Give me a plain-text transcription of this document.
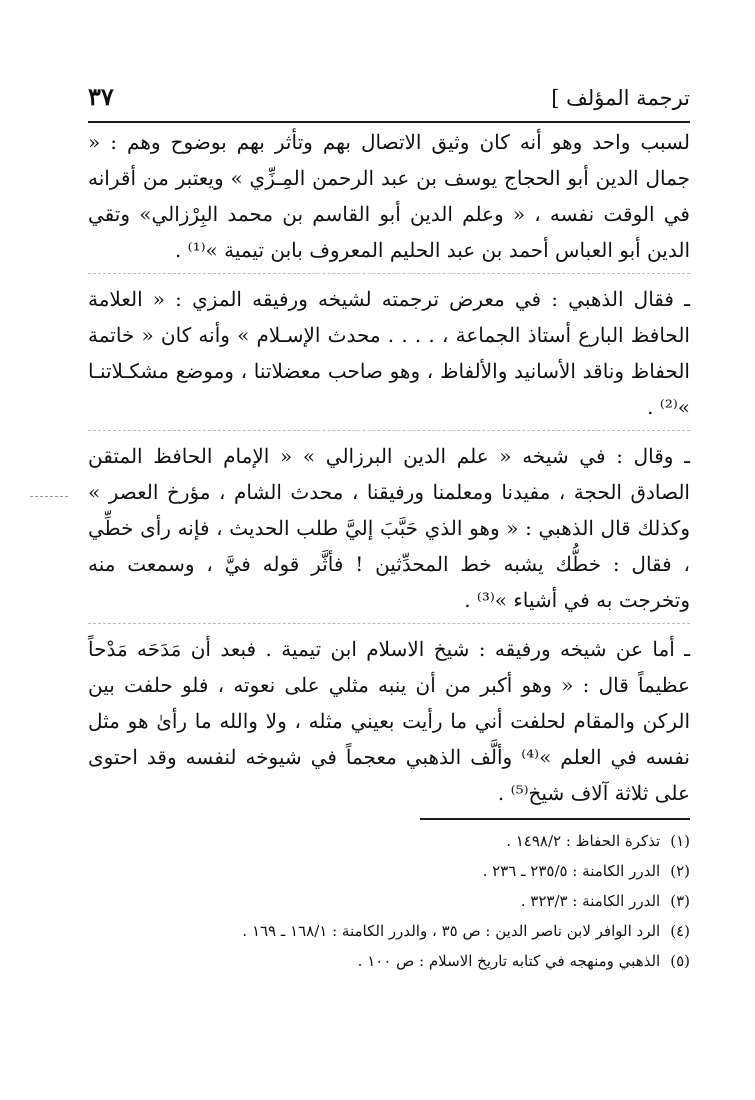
ترجمة المؤلف ]
٣٧

لسبب واحد وهو أنه كان وثيق الاتصال بهم وتأثر بهم بوضوح وهم : « جمال الدين أبو الحجاج يوسف بن عبد الرحمن المِـزِّي » ويعتبر من أقرانه في الوقت نفسه ، « وعلم الدين أبو القاسم بن محمد البِرْزالي» وتقي الدين أبو العباس أحمد بن عبد الحليم المعروف بابن تيمية »⁽¹⁾ .

ـ فقال الذهبي : في معرض ترجمته لشيخه ورفيقه المزي : « العلامة الحافظ البارع أستاذ الجماعة ، . . . . محدث الإسـلام » وأنه كان « خاتمة الحفاظ وناقد الأسانيد والألفاظ ، وهو صاحب معضلاتنا ، وموضع مشكـلاتنـا »⁽²⁾ .

ـ وقال : في شيخه « علم الدين البرزالي » « الإمام الحافظ المتقن الصادق الحجة ، مفيدنا ومعلمنا ورفيقنا ، محدث الشام ، مؤرخ العصر » وكذلك قال الذهبي : « وهو الذي حَبَّبَ إليَّ طلب الحديث ، فإنه رأى خطِّي ، فقال : خطُّك يشبه خط المحدِّثين ! فأثَّر قوله فيَّ ، وسمعت منه وتخرجت به في أشياء »⁽³⁾ .

ـ أما عن شيخه ورفيقه : شيخ الاسلام ابن تيمية . فبعد أن مَدَحَه مَدْحاً عظيماً قال : « وهو أكبر من أن ينبه مثلي على نعوته ، فلو حلفت بين الركن والمقام لحلفت أني ما رأيت بعيني مثله ، ولا والله ما رأىٰ هو مثل نفسه في العلم »⁽⁴⁾ وألَّف الذهبي معجماً في شيوخه لنفسه وقد احتوى على ثلاثة آلاف شيخ⁽⁵⁾ .

(١)تذكرة الحفاظ : ١٤٩٨/٢ .
(٢)الدرر الكامنة : ٢٣٥/٥ ـ ٢٣٦ .
(٣)الدرر الكامنة : ٣٢٣/٣ .
(٤)الرد الوافر لابن ناصر الدين : ص ٣٥ ، والدرر الكامنة : ١٦٨/١ ـ ١٦٩ .
(٥)الذهبي ومنهجه في كتابه تاريخ الاسلام : ص ١٠٠ .
